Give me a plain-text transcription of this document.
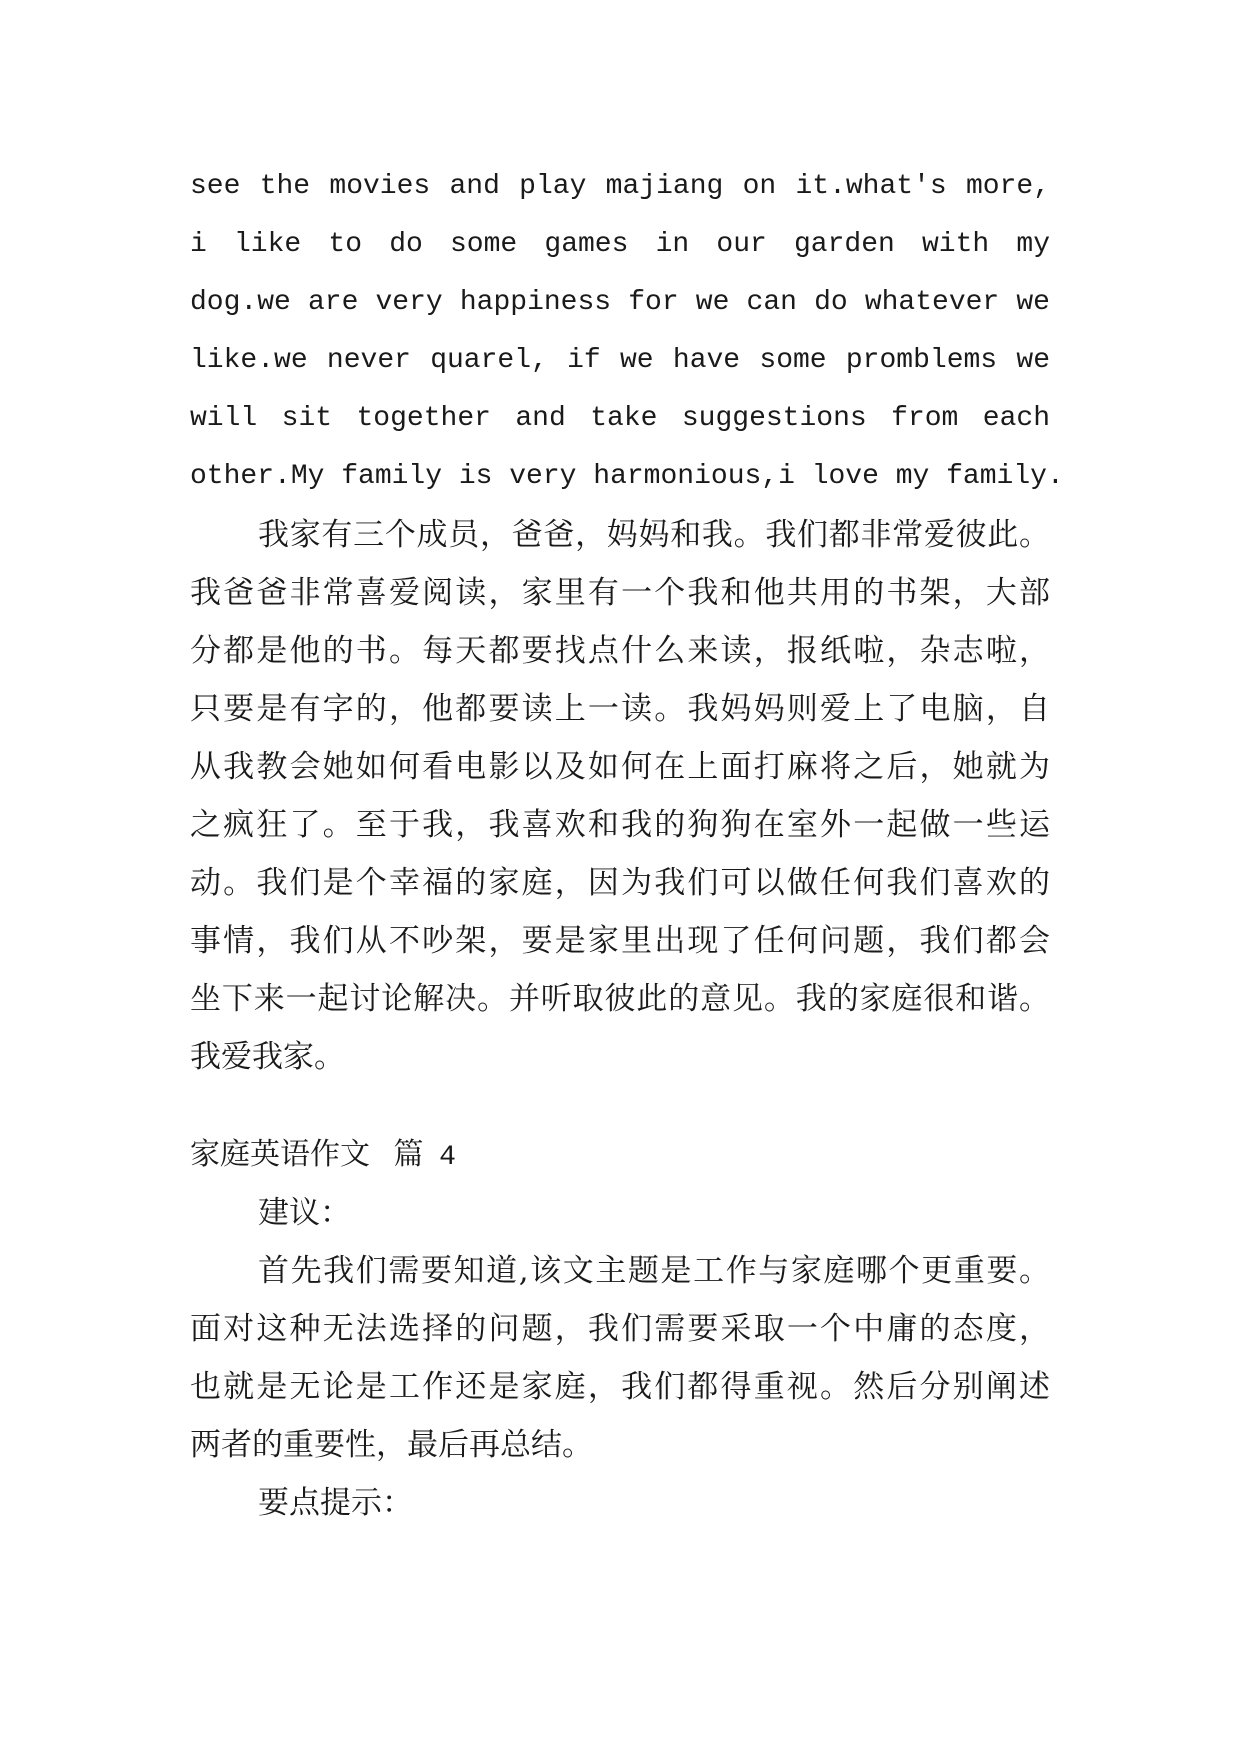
see the movies and play majiang on it.what's more,

i like to do some games in our garden with my

dog.we are very happiness for we can do whatever we

like.we never quarel, if we have some promblems we

will sit together and take suggestions from each

other.My family is very harmonious,i love my family.

我家有三个成员，爸爸，妈妈和我。我们都非常爱彼此。

我爸爸非常喜爱阅读，家里有一个我和他共用的书架，大部

分都是他的书。每天都要找点什么来读，报纸啦，杂志啦，

只要是有字的，他都要读上一读。我妈妈则爱上了电脑，自

从我教会她如何看电影以及如何在上面打麻将之后，她就为

之疯狂了。至于我，我喜欢和我的狗狗在室外一起做一些运

动。我们是个幸福的家庭，因为我们可以做任何我们喜欢的

事情，我们从不吵架，要是家里出现了任何问题，我们都会

坐下来一起讨论解决。并听取彼此的意见。我的家庭很和谐。

我爱我家。

家庭英语作文 篇 4

建议：

首先我们需要知道,该文主题是工作与家庭哪个更重要。

面对这种无法选择的问题，我们需要采取一个中庸的态度，

也就是无论是工作还是家庭，我们都得重视。然后分别阐述

两者的重要性，最后再总结。

要点提示：
